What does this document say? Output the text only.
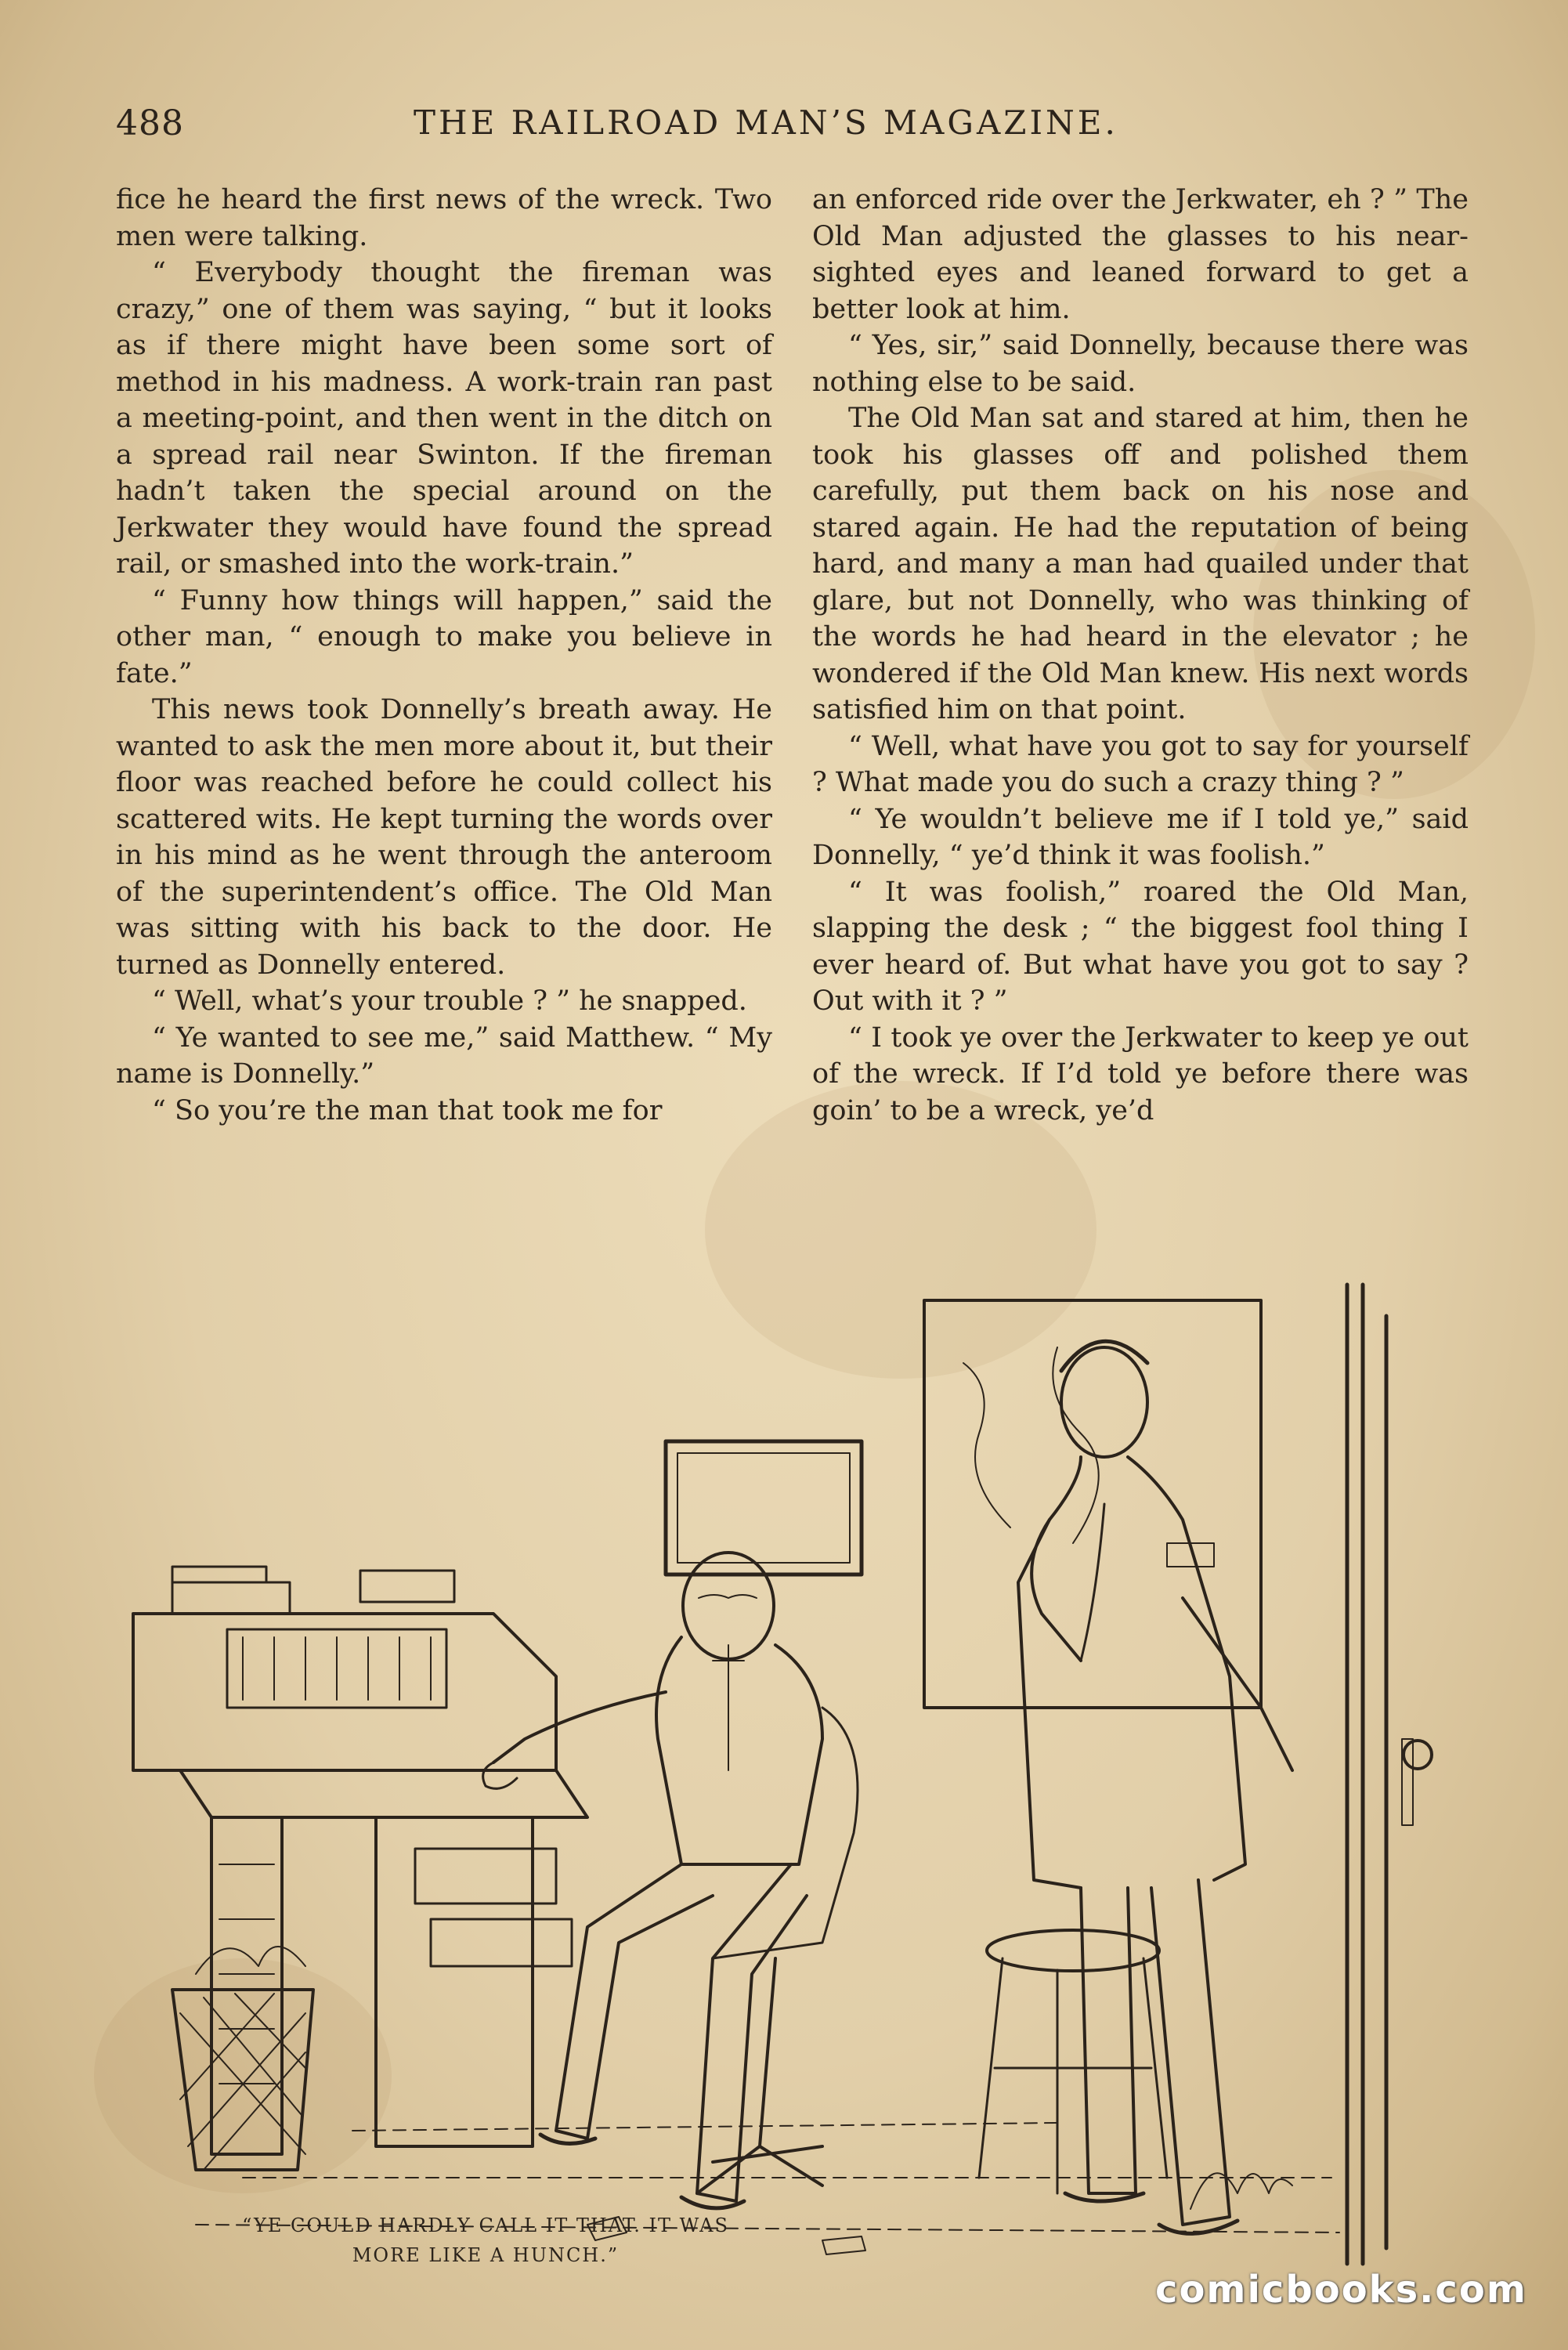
488	THE RAILROAD MAN’S MAGAZINE.

fice he heard the first news of the wreck. Two men were talking.

“ Everybody thought the fireman was crazy,” one of them was saying, “ but it looks as if there might have been some sort of method in his madness. A work-train ran past a meeting-point, and then went in the ditch on a spread rail near Swinton. If the fireman hadn’t taken the special around on the Jerkwater they would have found the spread rail, or smashed into the work-train.”

“ Funny how things will happen,” said the other man, “ enough to make you believe in fate.”

This news took Donnelly’s breath away. He wanted to ask the men more about it, but their floor was reached before he could collect his scattered wits. He kept turning the words over in his mind as he went through the anteroom of the superintendent’s office. The Old Man was sitting with his back to the door. He turned as Donnelly entered.

“ Well, what’s your trouble ? ” he snapped.

“ Ye wanted to see me,” said Matthew. “ My name is Donnelly.”

“ So you’re the man that took me for

an enforced ride over the Jerkwater, eh ? ” The Old Man adjusted the glasses to his near-sighted eyes and leaned forward to get a better look at him.

“ Yes, sir,” said Donnelly, because there was nothing else to be said.

The Old Man sat and stared at him, then he took his glasses off and polished them carefully, put them back on his nose and stared again. He had the reputation of being hard, and many a man had quailed under that glare, but not Donnelly, who was thinking of the words he had heard in the elevator ; he wondered if the Old Man knew. His next words satisfied him on that point.

“ Well, what have you got to say for yourself ? What made you do such a crazy thing ? ”

“ Ye wouldn’t believe me if I told ye,” said Donnelly, “ ye’d think it was foolish.”

“ It was foolish,” roared the Old Man, slapping the desk ; “ the biggest fool thing I ever heard of. But what have you got to say ? Out with it ? ”

“ I took ye over the Jerkwater to keep ye out of the wreck. If I’d told ye before there was goin’ to be a wreck, ye’d

“YE COULD HARDLY CALL IT THAT. IT WAS
MORE LIKE A HUNCH.”
comicbooks.com
